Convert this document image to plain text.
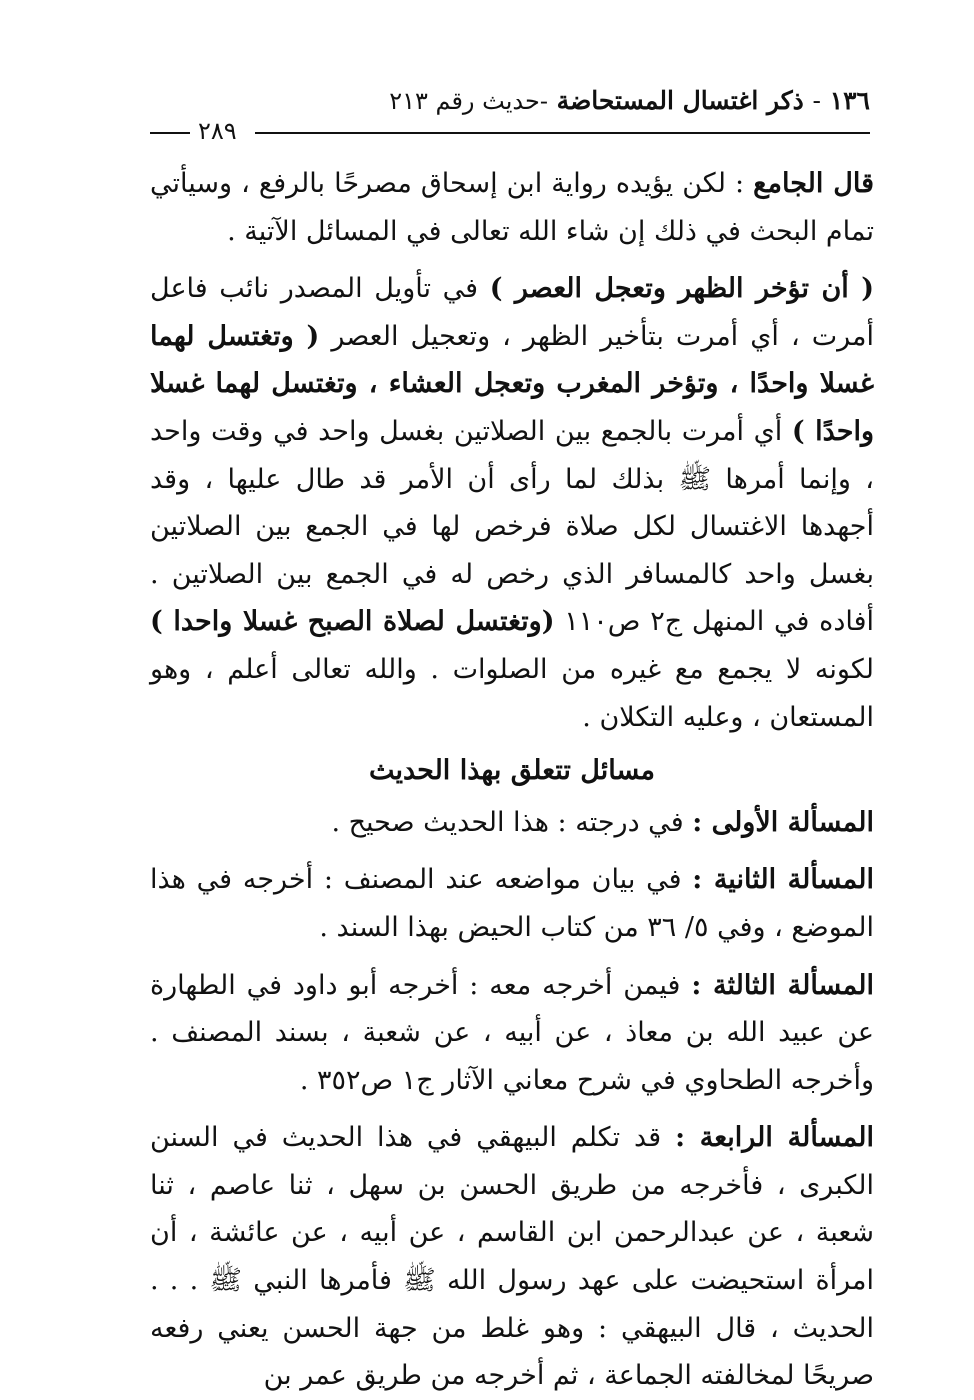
١٣٦ - ذكر اغتسال المستحاضة -حديث رقم ٢١٣
٢٨٩

قال الجامع : لكن يؤيده رواية ابن إسحاق مصرحًا بالرفع ، وسيأتي تمام البحث في ذلك إن شاء الله تعالى في المسائل الآتية .

( أن تؤخر الظهر وتعجل العصر ) في تأويل المصدر نائب فاعل أمرت ، أي أمرت بتأخير الظهر ، وتعجيل العصر ( وتغتسل لهما غسلا واحدًا ، وتؤخر المغرب وتعجل العشاء ، وتغتسل لهما غسلا واحدًا ) أي أمرت بالجمع بين الصلاتين بغسل واحد في وقت واحد ، وإنما أمرها ﷺ بذلك لما رأى أن الأمر قد طال عليها ، وقد أجهدها الاغتسال لكل صلاة فرخص لها في الجمع بين الصلاتين بغسل واحد كالمسافر الذي رخص له في الجمع بين الصلاتين . أفاده في المنهل ج٢ ص١١٠ (وتغتسل لصلاة الصبح غسلا واحدا ) لكونه لا يجمع مع غيره من الصلوات . والله تعالى أعلم ، وهو المستعان ، وعليه التكلان .

مسائل تتعلق بهذا الحديث

المسألة الأولى : في درجته : هذا الحديث صحيح .

المسألة الثانية : في بيان مواضعه عند المصنف : أخرجه في هذا الموضع ، وفي ٥/ ٣٦ من كتاب الحيض بهذا السند .

المسألة الثالثة : فيمن أخرجه معه : أخرجه أبو داود في الطهارة عن عبيد الله بن معاذ ، عن أبيه ، عن شعبة ، بسند المصنف . وأخرجه الطحاوي في شرح معاني الآثار ج١ ص٣٥٢ .

المسألة الرابعة : قد تكلم البيهقي في هذا الحديث في السنن الكبرى ، فأخرجه من طريق الحسن بن سهل ، ثنا عاصم ، ثنا شعبة ، عن عبدالرحمن ابن القاسم ، عن أبيه ، عن عائشة ، أن امرأة استحيضت على عهد رسول الله ﷺ فأمرها النبي ﷺ . . . الحديث ، قال البيهقي : وهو غلط من جهة الحسن يعني رفعه صريحًا لمخالفته الجماعة ، ثم أخرجه من طريق عمر بن
